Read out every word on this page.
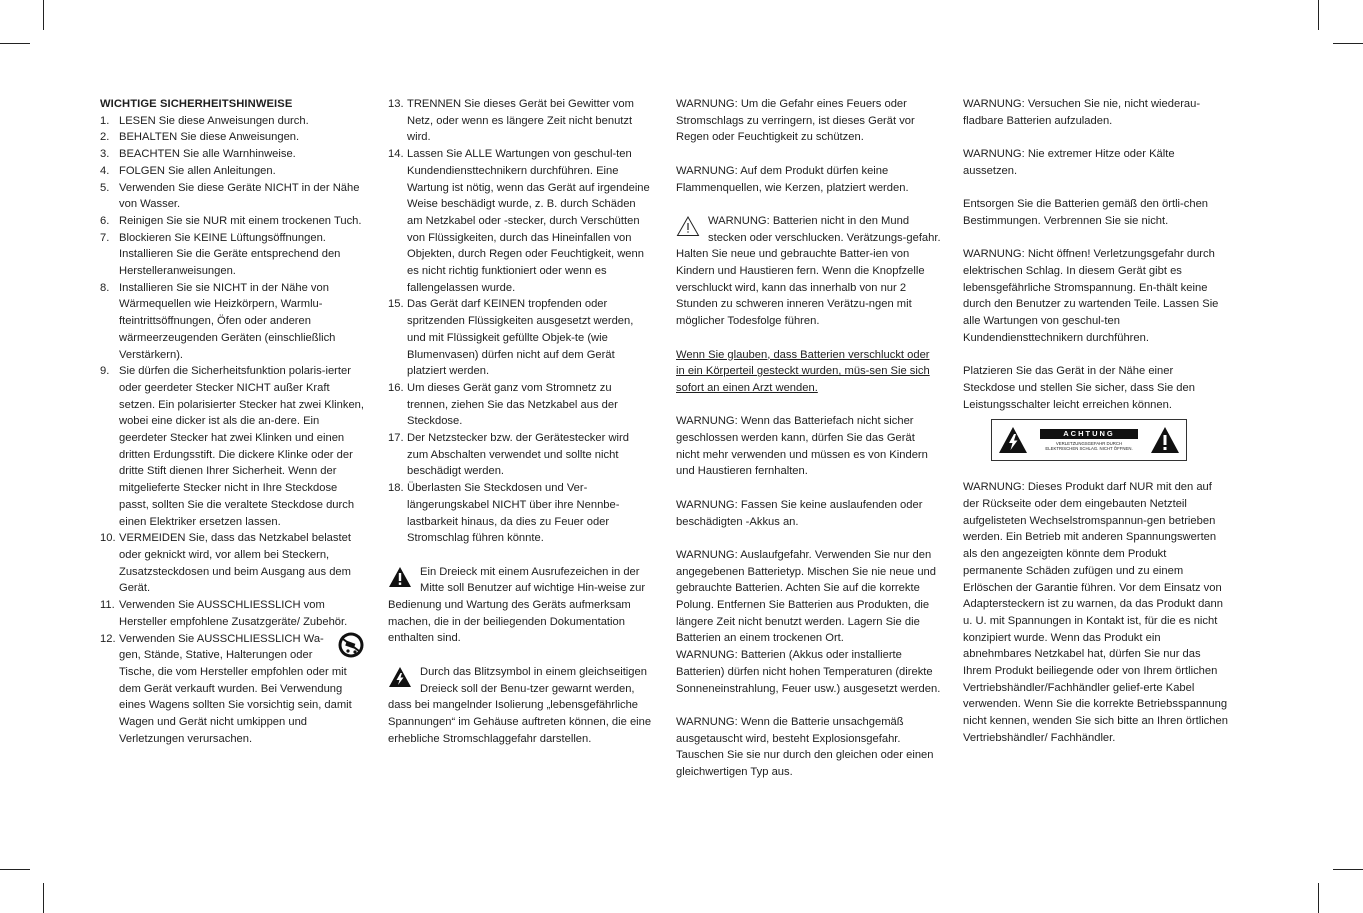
WICHTIGE SICHERHEITSHINWEISE
1. LESEN Sie diese Anweisungen durch.
2. BEHALTEN Sie diese Anweisungen.
3. BEACHTEN Sie alle Warnhinweise.
4. FOLGEN Sie allen Anleitungen.
5. Verwenden Sie diese Geräte NICHT in der Nähe von Wasser.
6. Reinigen Sie sie NUR mit einem trockenen Tuch.
7. Blockieren Sie KEINE Lüftungsöffnungen. Installieren Sie die Geräte entsprechend den Herstelleranweisungen.
8. Installieren Sie sie NICHT in der Nähe von Wärmequellen wie Heizkörpern, Warmlu-fteintrittsöffnungen, Öfen oder anderen wärmeerzeugenden Geräten (einschließlich Verstärkern).
9. Sie dürfen die Sicherheitsfunktion polaris-ierter oder geerdeter Stecker NICHT außer Kraft setzen. Ein polarisierter Stecker hat zwei Klinken, wobei eine dicker ist als die an-dere. Ein geerdeter Stecker hat zwei Klinken und einen dritten Erdungsstift. Die dickere Klinke oder der dritte Stift dienen Ihrer Sicherheit. Wenn der mitgelieferte Stecker nicht in Ihre Steckdose passt, sollten Sie die veraltete Steckdose durch einen Elektriker ersetzen lassen.
10. VERMEIDEN Sie, dass das Netzkabel belastet oder geknickt wird, vor allem bei Steckern, Zusatzsteckdosen und beim Ausgang aus dem Gerät.
11. Verwenden Sie AUSSCHLIESSLICH vom Hersteller empfohlene Zusatzgeräte/ Zubehör.
12. Verwenden Sie AUSSCHLIESSLICH Wa-gen, Stände, Stative, Halterungen oder Tische, die vom Hersteller empfohlen oder mit dem Gerät verkauft wurden. Bei Verwendung eines Wagens sollten Sie vorsichtig sein, damit Wagen und Gerät nicht umkippen und Verletzungen verursachen.
13. TRENNEN Sie dieses Gerät bei Gewitter vom Netz, oder wenn es längere Zeit nicht benutzt wird.
14. Lassen Sie ALLE Wartungen von geschul-ten Kundendiensttechnikern durchführen. Eine Wartung ist nötig, wenn das Gerät auf irgendeine Weise beschädigt wurde, z. B. durch Schäden am Netzkabel oder -stecker, durch Verschütten von Flüssigkeiten, durch das Hineinfallen von Objekten, durch Regen oder Feuchtigkeit, wenn es nicht richtig funktioniert oder wenn es fallengelassen wurde.
15. Das Gerät darf KEINEN tropfenden oder spritzenden Flüssigkeiten ausgesetzt werden, und mit Flüssigkeit gefüllte Objek-te (wie Blumenvasen) dürfen nicht auf dem Gerät platziert werden.
16. Um dieses Gerät ganz vom Stromnetz zu trennen, ziehen Sie das Netzkabel aus der Steckdose.
17. Der Netzstecker bzw. der Gerätestecker wird zum Abschalten verwendet und sollte nicht beschädigt werden.
18. Überlasten Sie Steckdosen und Ver-längerungskabel NICHT über ihre Nennbe-lastbarkeit hinaus, da dies zu Feuer oder Stromschlag führen könnte.
Ein Dreieck mit einem Ausrufezeichen in der Mitte soll Benutzer auf wichtige Hin-weise zur Bedienung und Wartung des Geräts aufmerksam machen, die in der beiliegenden Dokumentation enthalten sind.
Durch das Blitzsymbol in einem gleichseitigen Dreieck soll der Benu-tzer gewarnt werden, dass bei mangelnder Isolierung „lebensgefährliche Spannungen“ im Gehäuse auftreten können, die eine erhebliche Stromschlaggefahr darstellen.
WARNUNG: Um die Gefahr eines Feuers oder Stromschlags zu verringern, ist dieses Gerät vor Regen oder Feuchtigkeit zu schützen.
WARNUNG: Auf dem Produkt dürfen keine Flammenquellen, wie Kerzen, platziert werden.
WARNUNG: Batterien nicht in den Mund stecken oder verschlucken. Verätzungs-gefahr. Halten Sie neue und gebrauchte Batter-ien von Kindern und Haustieren fern. Wenn die Knopfzelle verschluckt wird, kann das innerhalb von nur 2 Stunden zu schweren inneren Verätzu-ngen mit möglicher Todesfolge führen.
Wenn Sie glauben, dass Batterien verschluckt oder in ein Körperteil gesteckt wurden, müs-sen Sie sich sofort an einen Arzt wenden.
WARNUNG: Wenn das Batteriefach nicht sicher geschlossen werden kann, dürfen Sie das Gerät nicht mehr verwenden und müssen es von Kindern und Haustieren fernhalten.
WARNUNG: Fassen Sie keine auslaufenden oder beschädigten -Akkus an.
WARNUNG: Auslaufgefahr. Verwenden Sie nur den angegebenen Batterietyp. Mischen Sie nie neue und gebrauchte Batterien. Achten Sie auf die korrekte Polung. Entfernen Sie Batterien aus Produkten, die längere Zeit nicht benutzt werden. Lagern Sie die Batterien an einem trockenen Ort.
WARNUNG: Batterien (Akkus oder installierte Batterien) dürfen nicht hohen Temperaturen (direkte Sonneneinstrahlung, Feuer usw.) ausgesetzt werden.
WARNUNG: Wenn die Batterie unsachgemäß ausgetauscht wird, besteht Explosionsgefahr. Tauschen Sie sie nur durch den gleichen oder einen gleichwertigen Typ aus.
WARNUNG: Versuchen Sie nie, nicht wiederau-fladbare Batterien aufzuladen.
WARNUNG: Nie extremer Hitze oder Kälte aussetzen.
Entsorgen Sie die Batterien gemäß den örtli-chen Bestimmungen. Verbrennen Sie sie nicht.
WARNUNG: Nicht öffnen! Verletzungsgefahr durch elektrischen Schlag. In diesem Gerät gibt es lebensgefährliche Stromspannung. En-thält keine durch den Benutzer zu wartenden Teile. Lassen Sie alle Wartungen von geschul-ten Kundendiensttechnikern durchführen.
Platzieren Sie das Gerät in der Nähe einer Steckdose und stellen Sie sicher, dass Sie den Leistungsschalter leicht erreichen können.
ACHTUNG
VERLETZUNGSGEFAHR DURCH ELEKTRISCHEN SCHLAG. NICHT ÖFFNEN.
WARNUNG: Dieses Produkt darf NUR mit den auf der Rückseite oder dem eingebauten Netzteil aufgelisteten Wechselstromspannun-gen betrieben werden. Ein Betrieb mit anderen Spannungswerten als den angezeigten könnte dem Produkt permanente Schäden zufügen und zu einem Erlöschen der Garantie führen. Vor dem Einsatz von Adaptersteckern ist zu warnen, da das Produkt dann u. U. mit Spannungen in Kontakt ist, für die es nicht konzipiert wurde. Wenn das Produkt ein abnehmbares Netzkabel hat, dürfen Sie nur das Ihrem Produkt beiliegende oder von Ihrem örtlichen Vertriebshändler/Fachhändler gelief-erte Kabel verwenden. Wenn Sie die korrekte Betriebsspannung nicht kennen, wenden Sie sich bitte an Ihren örtlichen Vertriebshändler/ Fachhändler.
